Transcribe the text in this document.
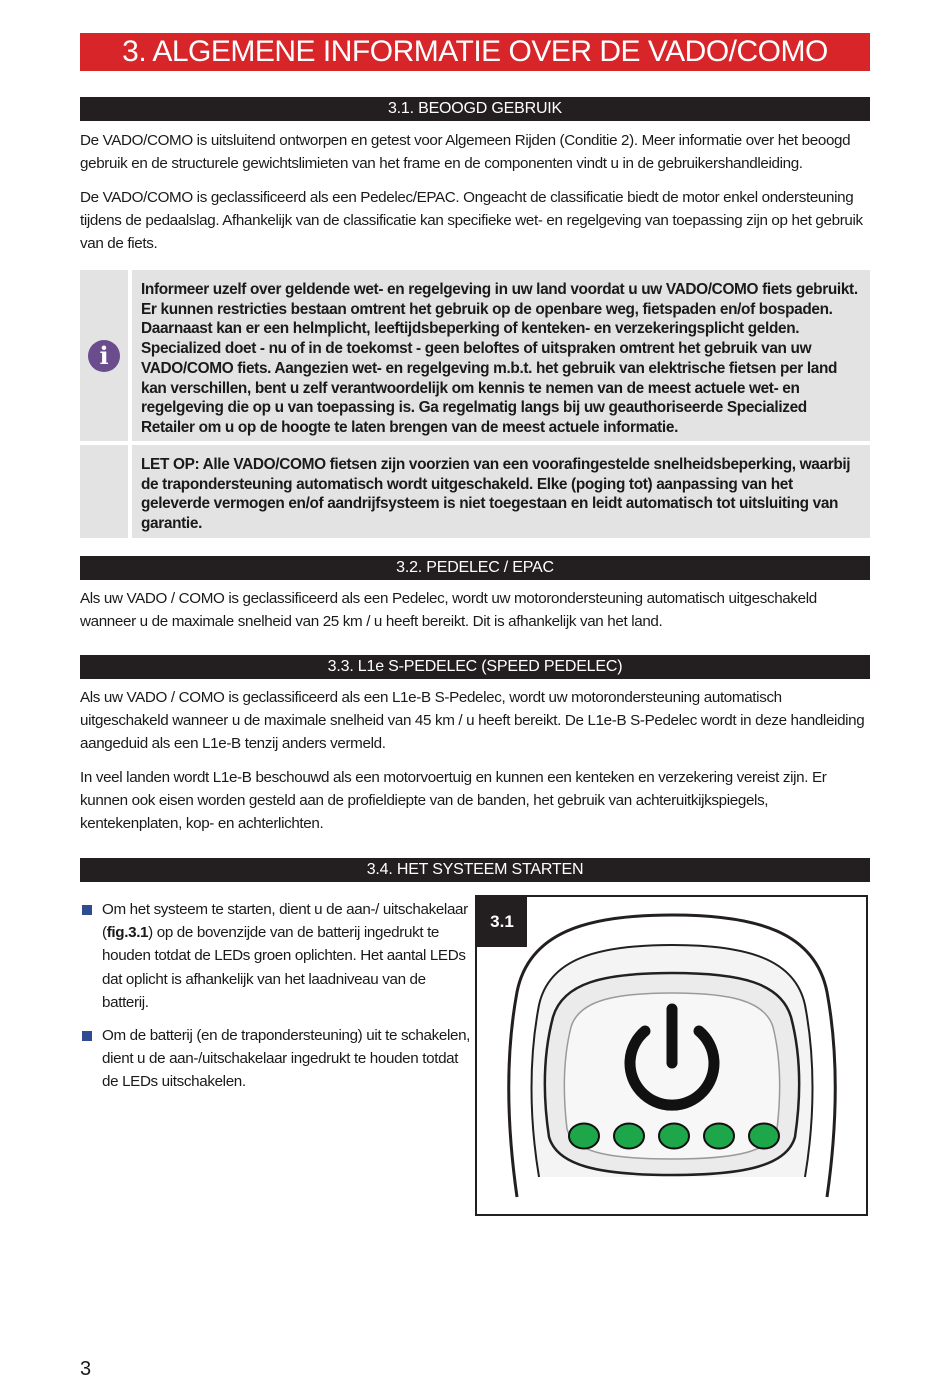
3. ALGEMENE INFORMATIE OVER DE VADO/COMO
3.1. BEOOGD GEBRUIK

De VADO/COMO is uitsluitend ontworpen en getest voor Algemeen Rijden (Conditie 2). Meer informatie over het beoogd gebruik en de structurele gewichtslimieten van het frame en de componenten vindt u in de gebruikershandleiding.

De VADO/COMO is geclassificeerd als een Pedelec/EPAC. Ongeacht de classificatie biedt de motor enkel ondersteuning tijdens de pedaalslag. Afhankelijk van de classificatie kan specifieke wet- en regelgeving van toepassing zijn op het gebruik van de fiets.

i
Informeer uzelf over geldende wet- en regelgeving in uw land voordat u uw VADO/COMO fiets gebruikt. Er kunnen restricties bestaan omtrent het gebruik op de openbare weg, fietspaden en/of bospaden. Daarnaast kan er een helmplicht, leeftijdsbeperking of kenteken- en verzekeringsplicht gelden. Specialized doet - nu of in de toekomst - geen beloftes of uitspraken omtrent het gebruik van uw VADO/COMO fiets. Aangezien wet- en regelgeving m.b.t. het gebruik van elektrische fietsen per land kan verschillen, bent u zelf verantwoordelijk om kennis te nemen van de meest actuele wet- en regelgeving die op u van toepassing is. Ga regelmatig langs bij uw geauthoriseerde Specialized Retailer om u op de hoogte te laten brengen van de meest actuele informatie.
LET OP: Alle VADO/COMO fietsen zijn voorzien van een voorafingestelde snelheidsbeperking, waarbij de trapondersteuning automatisch wordt uitgeschakeld. Elke (poging tot) aanpassing van het geleverde vermogen en/of aandrijfsysteem is niet toegestaan en leidt automatisch tot uitsluiting van garantie.
3.2. PEDELEC / EPAC

Als uw VADO / COMO is geclassificeerd als een Pedelec, wordt uw motorondersteuning automatisch uitgeschakeld wanneer u de maximale snelheid van 25 km / u heeft bereikt. Dit is afhankelijk van het land.

3.3. L1e S-PEDELEC (SPEED PEDELEC)

Als uw VADO / COMO is geclassificeerd als een L1e-B S-Pedelec, wordt uw motorondersteuning automatisch uitgeschakeld wanneer u de maximale snelheid van 45 km / u heeft bereikt. De L1e-B S-Pedelec wordt in deze handleiding aangeduid als een L1e-B tenzij anders vermeld.

In veel landen wordt L1e-B beschouwd als een motorvoertuig en kunnen een kenteken en verzekering vereist zijn. Er kunnen ook eisen worden gesteld aan de profieldiepte van de banden, het gebruik van achteruitkijkspiegels, kentekenplaten, kop- en achterlichten.

3.4. HET SYSTEEM STARTEN
Om het systeem te starten, dient u de aan-/ uitschakelaar (fig.3.1) op de bovenzijde van de batterij ingedrukt te houden totdat de LEDs groen oplichten. Het aantal LEDs dat oplicht is afhankelijk van het laadniveau van de batterij.
Om de batterij (en de trapondersteuning) uit te schakelen, dient u de aan-/uitschakelaar ingedrukt te houden totdat de LEDs uitschakelen.
3.1
3
